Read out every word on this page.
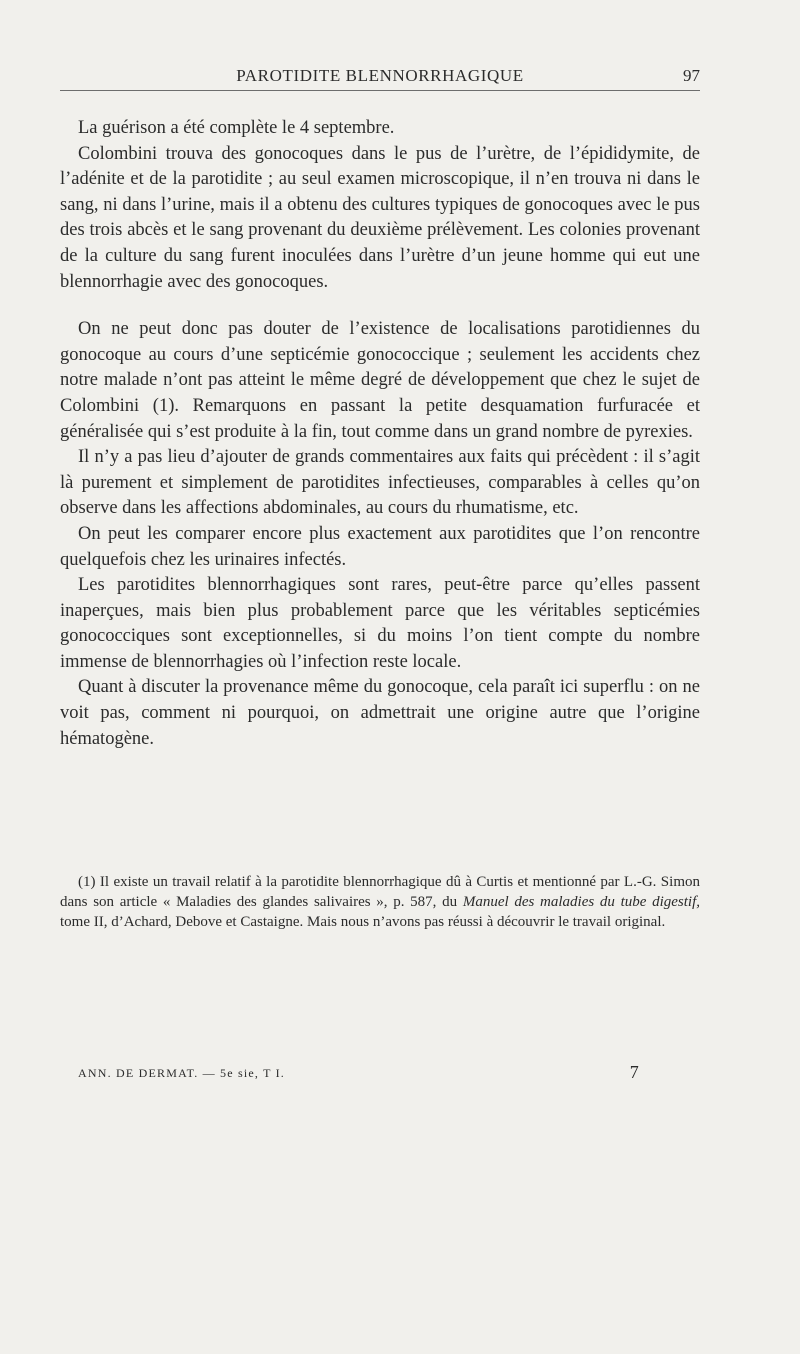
PAROTIDITE BLENNORRHAGIQUE	97

La guérison a été complète le 4 septembre.

Colombini trouva des gonocoques dans le pus de l’urètre, de l’épididymite, de l’adénite et de la parotidite ; au seul examen microscopique, il n’en trouva ni dans le sang, ni dans l’urine, mais il a obtenu des cultures typiques de gonocoques avec le pus des trois abcès et le sang provenant du deuxième prélèvement. Les colonies provenant de la culture du sang furent inoculées dans l’urètre d’un jeune homme qui eut une blennorrhagie avec des gonocoques.

On ne peut donc pas douter de l’existence de localisations parotidiennes du gonocoque au cours d’une septicémie gonococcique ; seulement les accidents chez notre malade n’ont pas atteint le même degré de développement que chez le sujet de Colombini (1). Remarquons en passant la petite desquamation furfuracée et généralisée qui s’est produite à la fin, tout comme dans un grand nombre de pyrexies.

Il n’y a pas lieu d’ajouter de grands commentaires aux faits qui précèdent : il s’agit là purement et simplement de parotidites infectieuses, comparables à celles qu’on observe dans les affections abdominales, au cours du rhumatisme, etc.

On peut les comparer encore plus exactement aux parotidites que l’on rencontre quelquefois chez les urinaires infectés.

Les parotidites blennorrhagiques sont rares, peut-être parce qu’elles passent inaperçues, mais bien plus probablement parce que les véritables septicémies gonococciques sont exceptionnelles, si du moins l’on tient compte du nombre immense de blennorrhagies où l’infection reste locale.

Quant à discuter la provenance même du gonocoque, cela paraît ici superflu : on ne voit pas, comment ni pourquoi, on admettrait une origine autre que l’origine hématogène.

(1) Il existe un travail relatif à la parotidite blennorrhagique dû à Curtis et mentionné par L.-G. Simon dans son article « Maladies des glandes salivaires », p. 587, du Manuel des maladies du tube digestif, tome II, d’Achard, Debove et Castaigne. Mais nous n’avons pas réussi à découvrir le travail original.

ANN. DE DERMAT. — 5e sie, T I.	7
